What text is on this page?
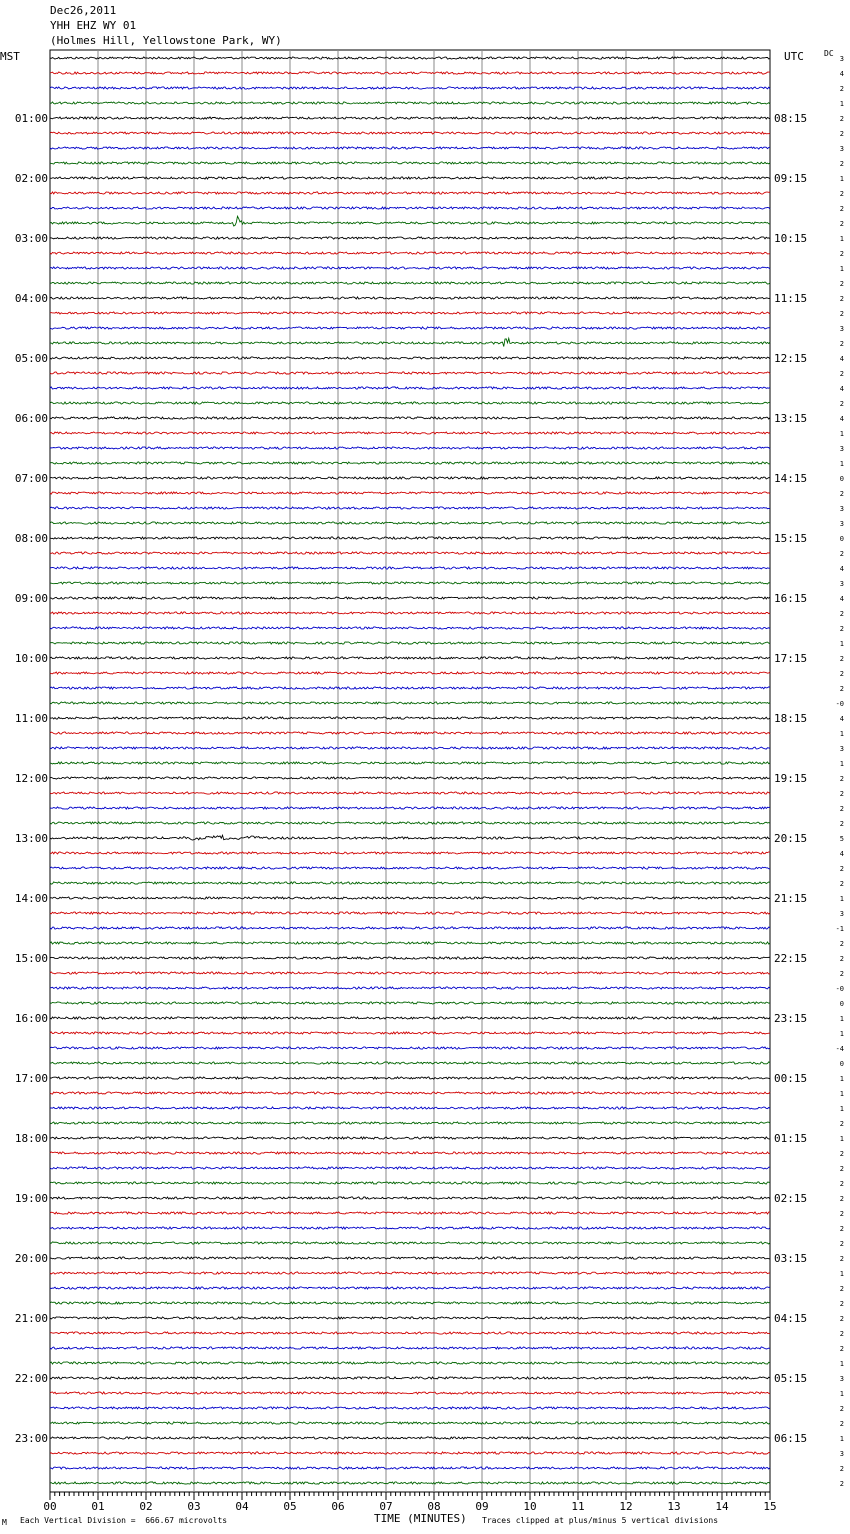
Dec26,2011
YHH EHZ WY 01
(Holmes Hill, Yellowstone Park, WY)
MST	UTC	DC
01:00	08:15
02:00	09:15
03:00	10:15
04:00	11:15
05:00	12:15
06:00	13:15
07:00	14:15
08:00	15:15
09:00	16:15
10:00	17:15
11:00	18:15
12:00	19:15
13:00	20:15
14:00	21:15
15:00	22:15
16:00	23:15
17:00	00:15
18:00	01:15
19:00	02:15
20:00	03:15
21:00	04:15
22:00	05:15
23:00	06:15
3
4
2
1
2
2
3
2
1
2
2
2
1
2
1
2
2
2
3
2
4
2
4
2
4
1
3
1
0
2
3
3
0
2
4
3
4
2
2
1
2
2
2
-0
4
1
3
1
2
2
2
2
5
4
2
2
1
3
-1
2
2
2
-0
0
1
1
-4
0
1
1
1
2
1
2
2
2
2
2
2
2
2
1
2
2
2
2
2
1
3
1
2
2
1
3
2
2
00	01	02	03	04	05	06	07	08	09	10	11	12	13	14	15
M Each Vertical Division =  666.67 microvolts	TIME (MINUTES) Traces clipped at plus/minus 5 vertical divisions
